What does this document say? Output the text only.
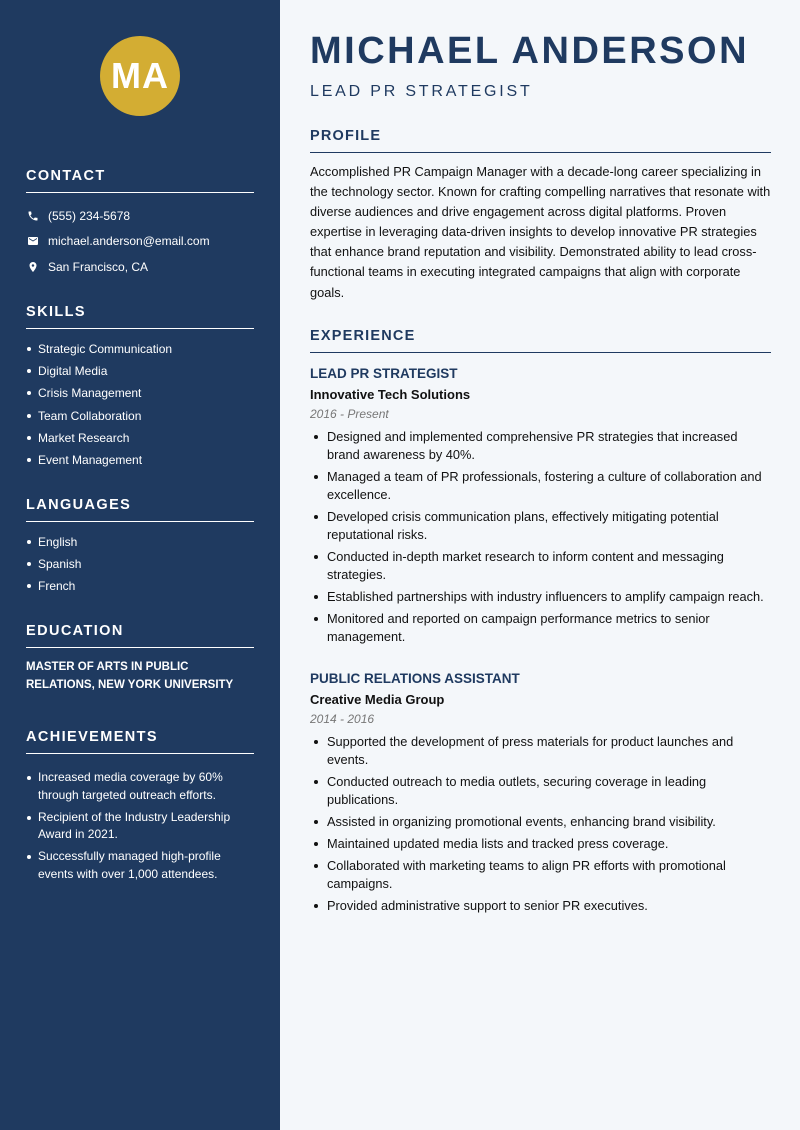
MA
CONTACT
(555) 234-5678
michael.anderson@email.com
San Francisco, CA
SKILLS
Strategic Communication
Digital Media
Crisis Management
Team Collaboration
Market Research
Event Management
LANGUAGES
English
Spanish
French
EDUCATION
MASTER OF ARTS IN PUBLIC RELATIONS, NEW YORK UNIVERSITY
ACHIEVEMENTS
Increased media coverage by 60% through targeted outreach efforts.
Recipient of the Industry Leadership Award in 2021.
Successfully managed high-profile events with over 1,000 attendees.
MICHAEL ANDERSON
LEAD PR STRATEGIST
PROFILE

Accomplished PR Campaign Manager with a decade-long career specializing in the technology sector. Known for crafting compelling narratives that resonate with diverse audiences and drive engagement across digital platforms. Proven expertise in leveraging data-driven insights to develop innovative PR strategies that enhance brand reputation and visibility. Demonstrated ability to lead cross-functional teams in executing integrated campaigns that align with corporate goals.

EXPERIENCE
LEAD PR STRATEGIST
Innovative Tech Solutions
2016 - Present
Designed and implemented comprehensive PR strategies that increased brand awareness by 40%.
Managed a team of PR professionals, fostering a culture of collaboration and excellence.
Developed crisis communication plans, effectively mitigating potential reputational risks.
Conducted in-depth market research to inform content and messaging strategies.
Established partnerships with industry influencers to amplify campaign reach.
Monitored and reported on campaign performance metrics to senior management.
PUBLIC RELATIONS ASSISTANT
Creative Media Group
2014 - 2016
Supported the development of press materials for product launches and events.
Conducted outreach to media outlets, securing coverage in leading publications.
Assisted in organizing promotional events, enhancing brand visibility.
Maintained updated media lists and tracked press coverage.
Collaborated with marketing teams to align PR efforts with promotional campaigns.
Provided administrative support to senior PR executives.
